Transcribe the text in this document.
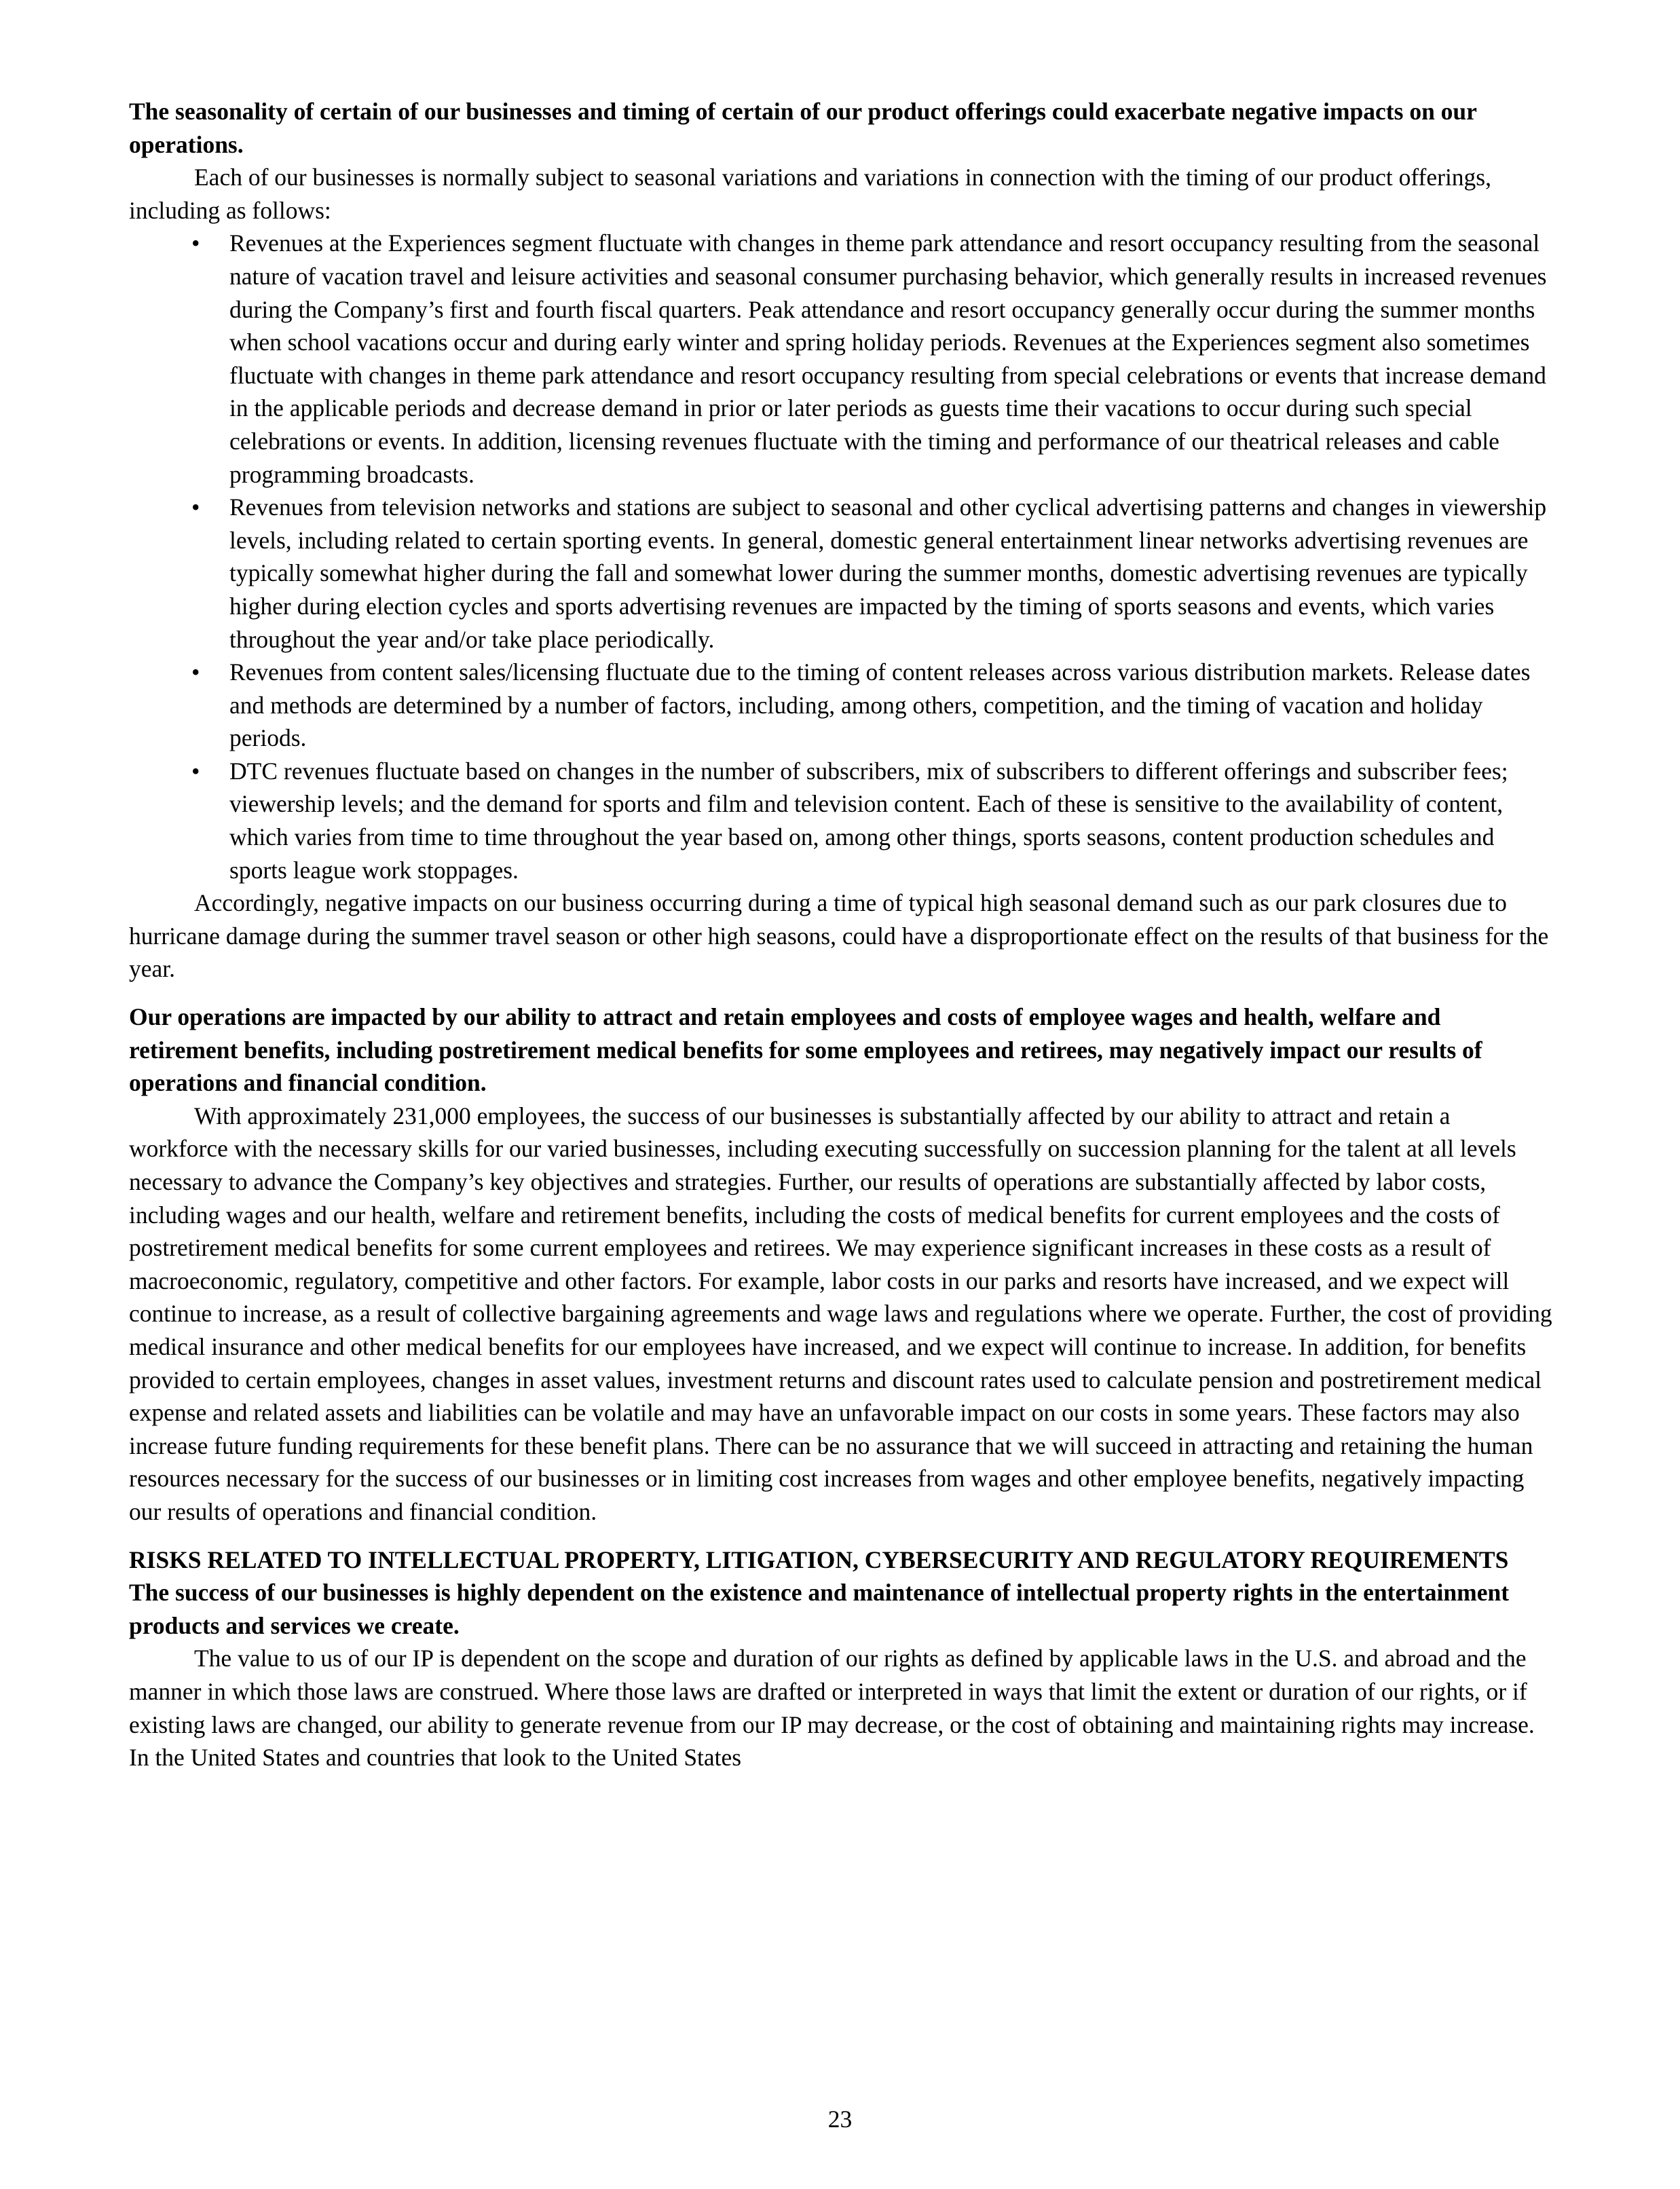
The seasonality of certain of our businesses and timing of certain of our product offerings could exacerbate negative impacts on our operations.

Each of our businesses is normally subject to seasonal variations and variations in connection with the timing of our product offerings, including as follows:

• Revenues at the Experiences segment fluctuate with changes in theme park attendance and resort occupancy resulting from the seasonal nature of vacation travel and leisure activities and seasonal consumer purchasing behavior, which generally results in increased revenues during the Company’s first and fourth fiscal quarters. Peak attendance and resort occupancy generally occur during the summer months when school vacations occur and during early winter and spring holiday periods. Revenues at the Experiences segment also sometimes fluctuate with changes in theme park attendance and resort occupancy resulting from special celebrations or events that increase demand in the applicable periods and decrease demand in prior or later periods as guests time their vacations to occur during such special celebrations or events. In addition, licensing revenues fluctuate with the timing and performance of our theatrical releases and cable programming broadcasts.
• Revenues from television networks and stations are subject to seasonal and other cyclical advertising patterns and changes in viewership levels, including related to certain sporting events. In general, domestic general entertainment linear networks advertising revenues are typically somewhat higher during the fall and somewhat lower during the summer months, domestic advertising revenues are typically higher during election cycles and sports advertising revenues are impacted by the timing of sports seasons and events, which varies throughout the year and/or take place periodically.
• Revenues from content sales/licensing fluctuate due to the timing of content releases across various distribution markets. Release dates and methods are determined by a number of factors, including, among others, competition, and the timing of vacation and holiday periods.
• DTC revenues fluctuate based on changes in the number of subscribers, mix of subscribers to different offerings and subscriber fees; viewership levels; and the demand for sports and film and television content. Each of these is sensitive to the availability of content, which varies from time to time throughout the year based on, among other things, sports seasons, content production schedules and sports league work stoppages.

Accordingly, negative impacts on our business occurring during a time of typical high seasonal demand such as our park closures due to hurricane damage during the summer travel season or other high seasons, could have a disproportionate effect on the results of that business for the year.

Our operations are impacted by our ability to attract and retain employees and costs of employee wages and health, welfare and retirement benefits, including postretirement medical benefits for some employees and retirees, may negatively impact our results of operations and financial condition.

With approximately 231,000 employees, the success of our businesses is substantially affected by our ability to attract and retain a workforce with the necessary skills for our varied businesses, including executing successfully on succession planning for the talent at all levels necessary to advance the Company’s key objectives and strategies. Further, our results of operations are substantially affected by labor costs, including wages and our health, welfare and retirement benefits, including the costs of medical benefits for current employees and the costs of postretirement medical benefits for some current employees and retirees. We may experience significant increases in these costs as a result of macroeconomic, regulatory, competitive and other factors. For example, labor costs in our parks and resorts have increased, and we expect will continue to increase, as a result of collective bargaining agreements and wage laws and regulations where we operate. Further, the cost of providing medical insurance and other medical benefits for our employees have increased, and we expect will continue to increase. In addition, for benefits provided to certain employees, changes in asset values, investment returns and discount rates used to calculate pension and postretirement medical expense and related assets and liabilities can be volatile and may have an unfavorable impact on our costs in some years. These factors may also increase future funding requirements for these benefit plans. There can be no assurance that we will succeed in attracting and retaining the human resources necessary for the success of our businesses or in limiting cost increases from wages and other employee benefits, negatively impacting our results of operations and financial condition.

RISKS RELATED TO INTELLECTUAL PROPERTY, LITIGATION, CYBERSECURITY AND REGULATORY REQUIREMENTS

The success of our businesses is highly dependent on the existence and maintenance of intellectual property rights in the entertainment products and services we create.

The value to us of our IP is dependent on the scope and duration of our rights as defined by applicable laws in the U.S. and abroad and the manner in which those laws are construed. Where those laws are drafted or interpreted in ways that limit the extent or duration of our rights, or if existing laws are changed, our ability to generate revenue from our IP may decrease, or the cost of obtaining and maintaining rights may increase. In the United States and countries that look to the United States

23
